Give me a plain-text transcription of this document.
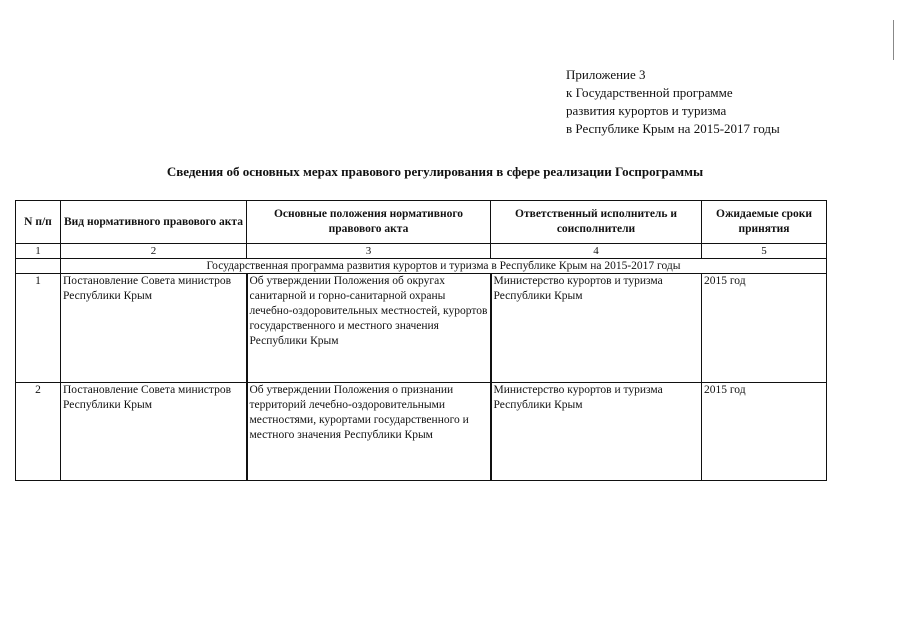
Приложение 3
к Государственной программе
развития курортов и туризма
в Республике Крым на 2015-2017 годы
Сведения об основных мерах правового регулирования в сфере реализации Госпрограммы
N п/п	Вид нормативного правового акта	Основные положения нормативного правового акта	Ответственный исполнитель и соисполнители	Ожидаемые сроки принятия
1	2	3	4	5
	Государственная программа развития курортов и туризма в Республике Крым на 2015-2017 годы			
1	Постановление Совета министров Республики Крым	Об утверждении Положения об округах санитарной и горно-санитарной охраны лечебно-оздоровительных местностей, курортов государственного и местного значения Республики Крым	Министерство курортов и туризма Республики Крым	2015 год
2	Постановление Совета министров Республики Крым	Об утверждении Положения о признании территорий лечебно-оздоровительными местностями, курортами государственного и местного значения Республики Крым	Министерство курортов и туризма Республики Крым	2015 год
